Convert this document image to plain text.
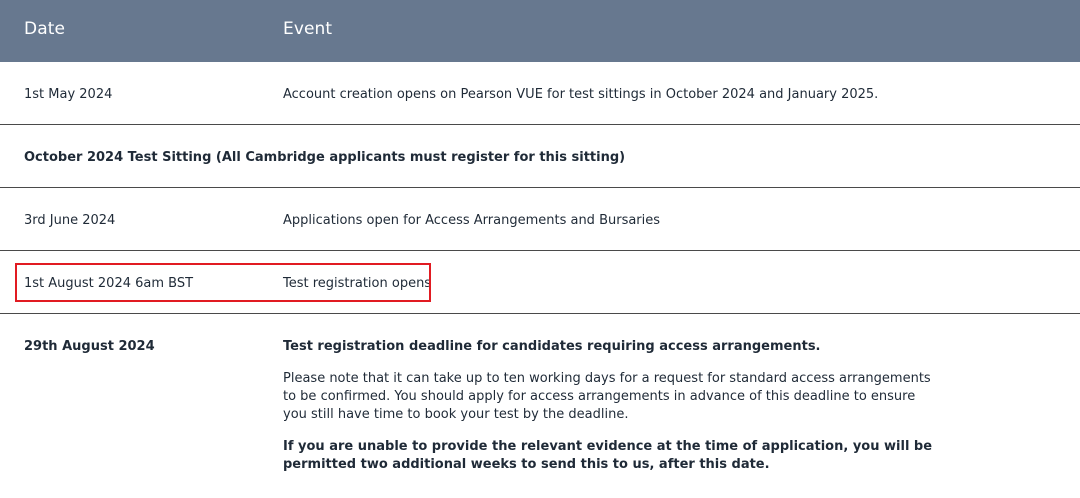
Date	Event
1st May 2024	Account creation opens on Pearson VUE for test sittings in October 2024 and January 2025.
October 2024 Test Sitting (All Cambridge applicants must register for this sitting)
3rd June 2024	Applications open for Access Arrangements and Bursaries
1st August 2024 6am BST	Test registration opens
29th August 2024	Test registration deadline for candidates requiring access arrangements.

Please note that it can take up to ten working days for a request for standard access arrangements to be confirmed. You should apply for access arrangements in advance of this deadline to ensure you still have time to book your test by the deadline.

If you are unable to provide the relevant evidence at the time of application, you will be permitted two additional weeks to send this to us, after this date.
